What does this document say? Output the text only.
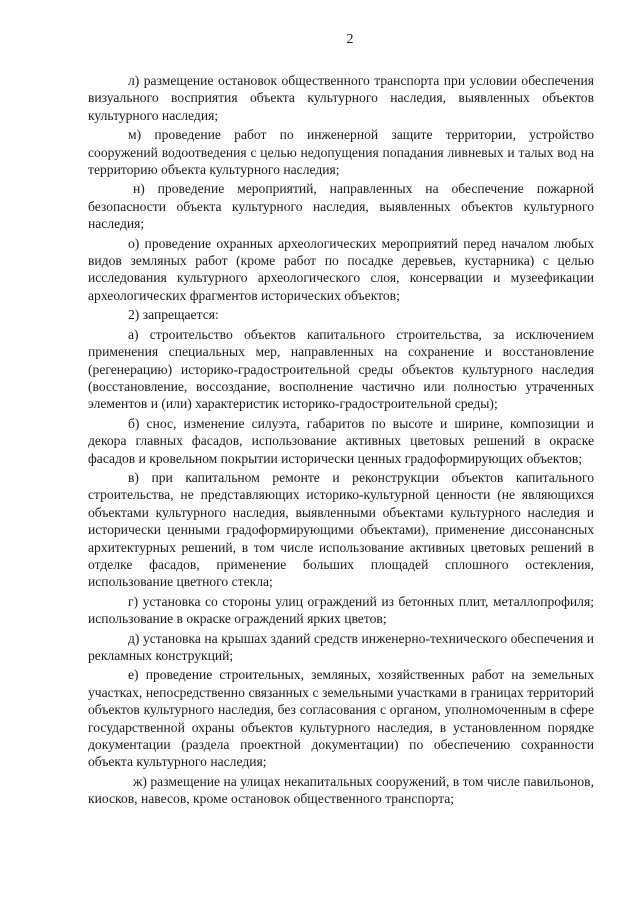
2

л) размещение остановок общественного транспорта при условии обеспечения визуального восприятия объекта культурного наследия, выявленных объектов культурного наследия;

м) проведение работ по инженерной защите территории, устройство сооружений водоотведения с целью недопущения попадания ливневых и талых вод на территорию объекта культурного наследия;

н) проведение мероприятий, направленных на обеспечение пожарной безопасности объекта культурного наследия, выявленных объектов культурного наследия;

о) проведение охранных археологических мероприятий перед началом любых видов земляных работ (кроме работ по посадке деревьев, кустарника) с целью исследования культурного археологического слоя, консервации и музеефикации археологических фрагментов исторических объектов;

2) запрещается:

а) строительство объектов капитального строительства, за исключением применения специальных мер, направленных на сохранение и восстановление (регенерацию) историко-градостроительной среды объектов культурного наследия (восстановление, воссоздание, восполнение частично или полностью утраченных элементов и (или) характеристик историко-градостроительной среды);

б) снос, изменение силуэта, габаритов по высоте и ширине, композиции и декора главных фасадов, использование активных цветовых решений в окраске фасадов и кровельном покрытии исторически ценных градоформирующих объектов;

в) при капитальном ремонте и реконструкции объектов капитального строительства, не представляющих историко-культурной ценности (не являющихся объектами культурного наследия, выявленными объектами культурного наследия и исторически ценными градоформирующими объектами), применение диссонансных архитектурных решений, в том числе использование активных цветовых решений в отделке фасадов, применение больших площадей сплошного остекления, использование цветного стекла;

г) установка со стороны улиц ограждений из бетонных плит, металлопрофиля; использование в окраске ограждений ярких цветов;

д) установка на крышах зданий средств инженерно-технического обеспечения и рекламных конструкций;

е) проведение строительных, земляных, хозяйственных работ на земельных участках, непосредственно связанных с земельными участками в границах территорий объектов культурного наследия, без согласования с органом, уполномоченным в сфере государственной охраны объектов культурного наследия, в установленном порядке документации (раздела проектной документации) по обеспечению сохранности объекта культурного наследия;

ж) размещение на улицах некапитальных сооружений, в том числе павильонов, киосков, навесов, кроме остановок общественного транспорта;
